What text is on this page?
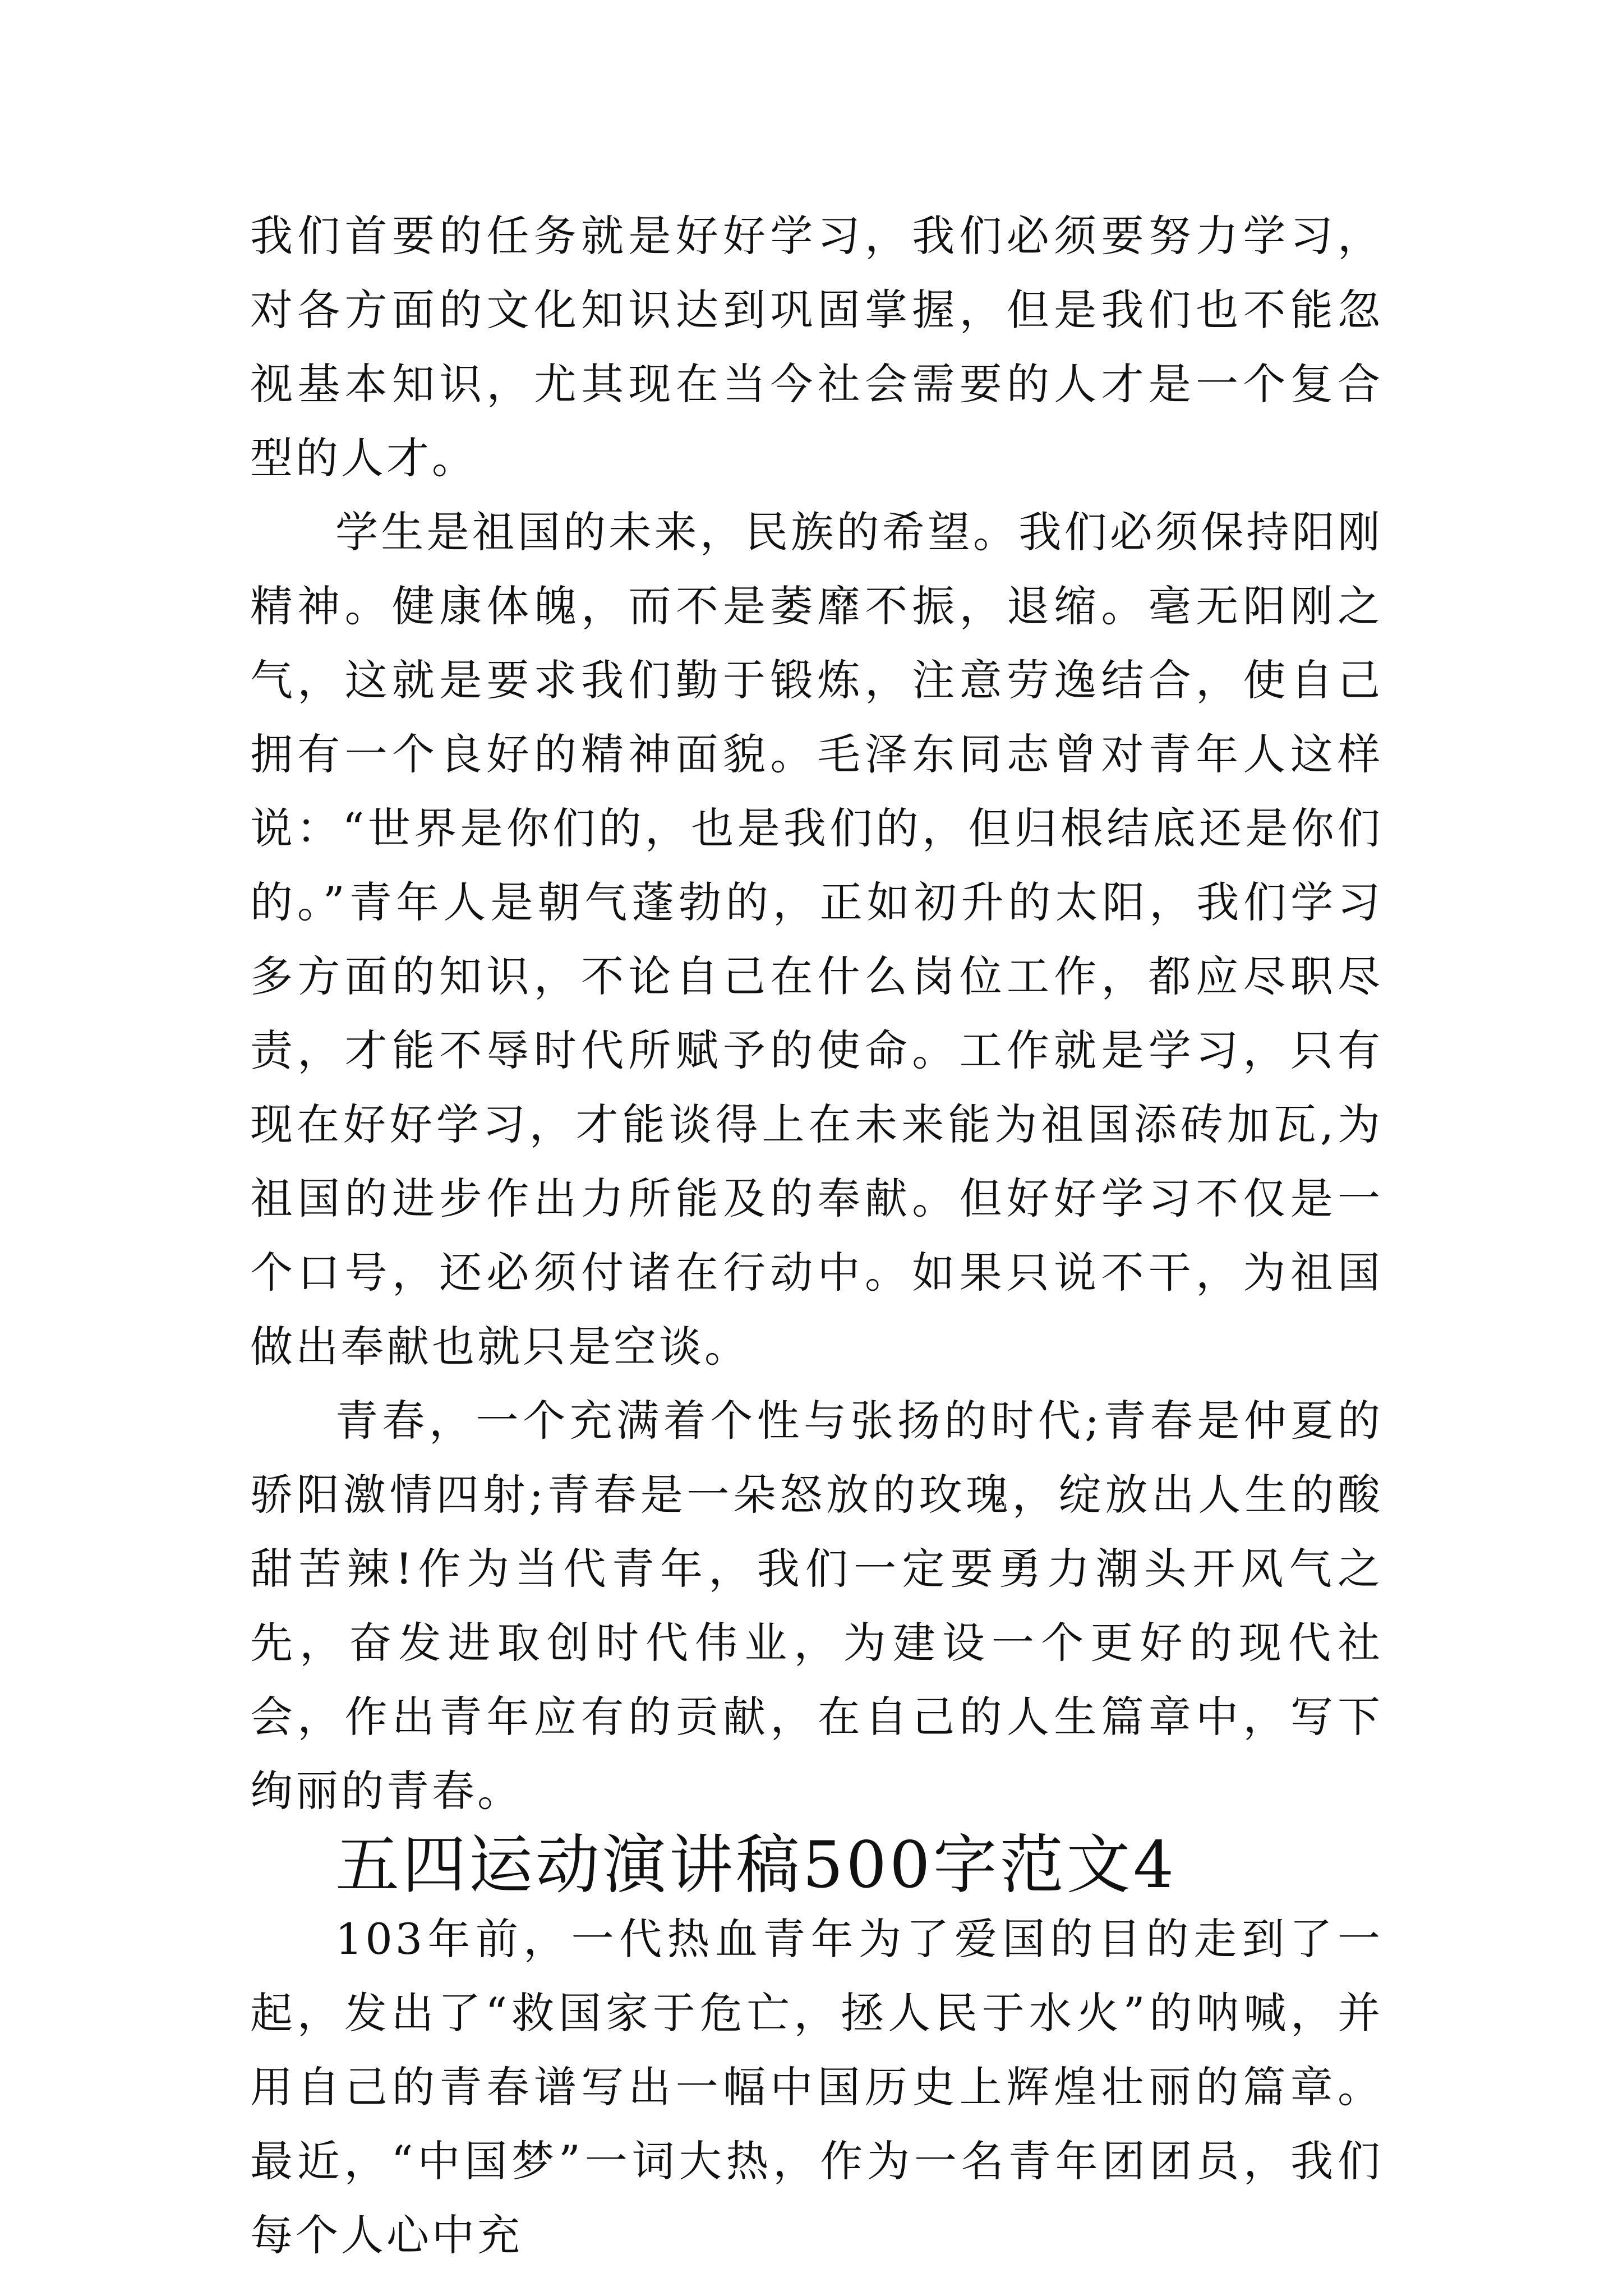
我们首要的任务就是好好学习，我们必须要努力学习，对各方面的文化知识达到巩固掌握，但是我们也不能忽视基本知识，尤其现在当今社会需要的人才是一个复合型的人才。

学生是祖国的未来，民族的希望。我们必须保持阳刚精神。健康体魄，而不是萎靡不振，退缩。毫无阳刚之气，这就是要求我们勤于锻炼，注意劳逸结合，使自己拥有一个良好的精神面貌。毛泽东同志曾对青年人这样说：“世界是你们的，也是我们的，但归根结底还是你们的。”青年人是朝气蓬勃的，正如初升的太阳，我们学习多方面的知识，不论自己在什么岗位工作，都应尽职尽责，才能不辱时代所赋予的使命。工作就是学习，只有现在好好学习，才能谈得上在未来能为祖国添砖加瓦,为祖国的进步作出力所能及的奉献。但好好学习不仅是一个口号，还必须付诸在行动中。如果只说不干，为祖国做出奉献也就只是空谈。

青春，一个充满着个性与张扬的时代;青春是仲夏的骄阳激情四射;青春是一朵怒放的玫瑰，绽放出人生的酸甜苦辣!作为当代青年，我们一定要勇力潮头开风气之先，奋发进取创时代伟业，为建设一个更好的现代社会，作出青年应有的贡献，在自己的人生篇章中，写下绚丽的青春。

五四运动演讲稿500字范文4

103年前，一代热血青年为了爱国的目的走到了一起，发出了“救国家于危亡，拯人民于水火”的呐喊，并用自己的青春谱写出一幅中国历史上辉煌壮丽的篇章。最近，“中国梦”一词大热，作为一名青年团团员，我们每个人心中充
